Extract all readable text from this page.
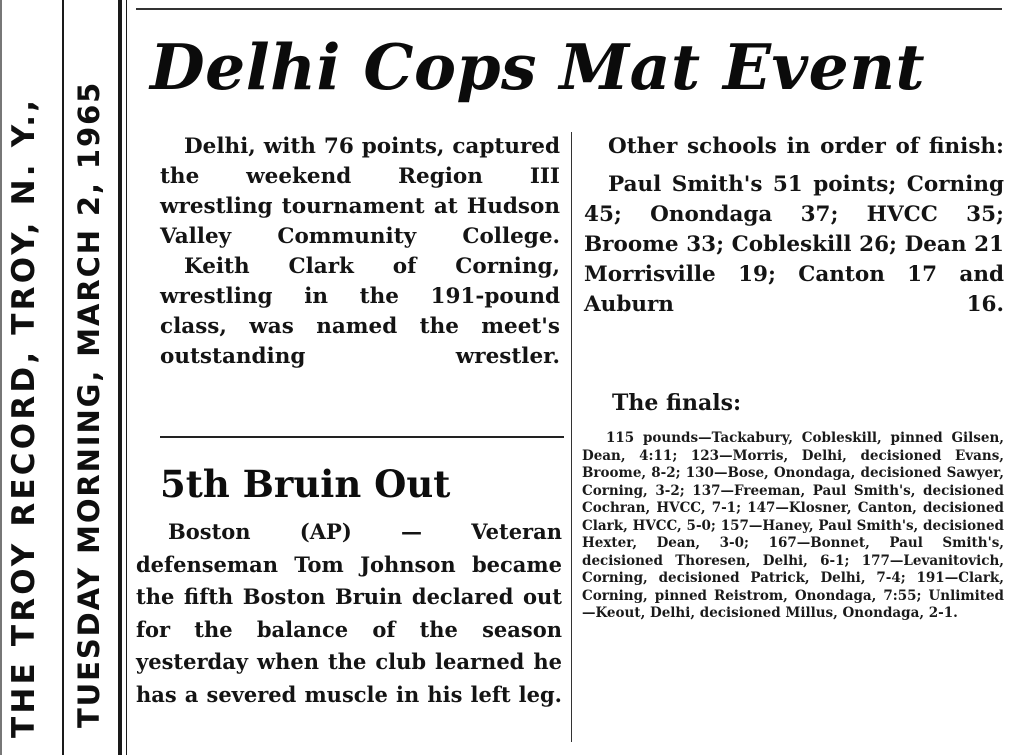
THE TROY RECORD, TROY, N. Y., TUESDAY MORNING, MARCH 2, 1965
Delhi Cops Mat Event

Delhi, with 76 points, captured the weekend Region III wrestling tournament at Hudson Valley Community College.

Keith Clark of Corning, wrestling in the 191-pound class, was named the meet's outstanding wrestler.

Other schools in order of finish:

Paul Smith's 51 points; Corning 45; Onondaga 37; HVCC 35; Broome 33; Cobleskill 26; Dean 21 Morrisville 19; Canton 17 and Auburn 16.

The finals:

115 pounds—Tackabury, Cobleskill, pinned Gilsen, Dean, 4:11; 123—Morris, Delhi, decisioned Evans, Broome, 8-2; 130—Bose, Onondaga, decisioned Sawyer, Corning, 3-2; 137—Freeman, Paul Smith's, decisioned Cochran, HVCC, 7-1; 147—Klosner, Canton, decisioned Clark, HVCC, 5-0; 157—Haney, Paul Smith's, decisioned Hexter, Dean, 3-0; 167—Bonnet, Paul Smith's, decisioned Thoresen, Delhi, 6-1; 177—Levanitovich, Corning, decisioned Patrick, Delhi, 7-4; 191—Clark, Corning, pinned Reistrom, Onondaga, 7:55; Unlimited—Keout, Delhi, decisioned Millus, Onondaga, 2-1.

5th Bruin Out

Boston (AP) — Veteran defenseman Tom Johnson became the fifth Boston Bruin declared out for the balance of the season yesterday when the club learned he has a severed muscle in his left leg.
